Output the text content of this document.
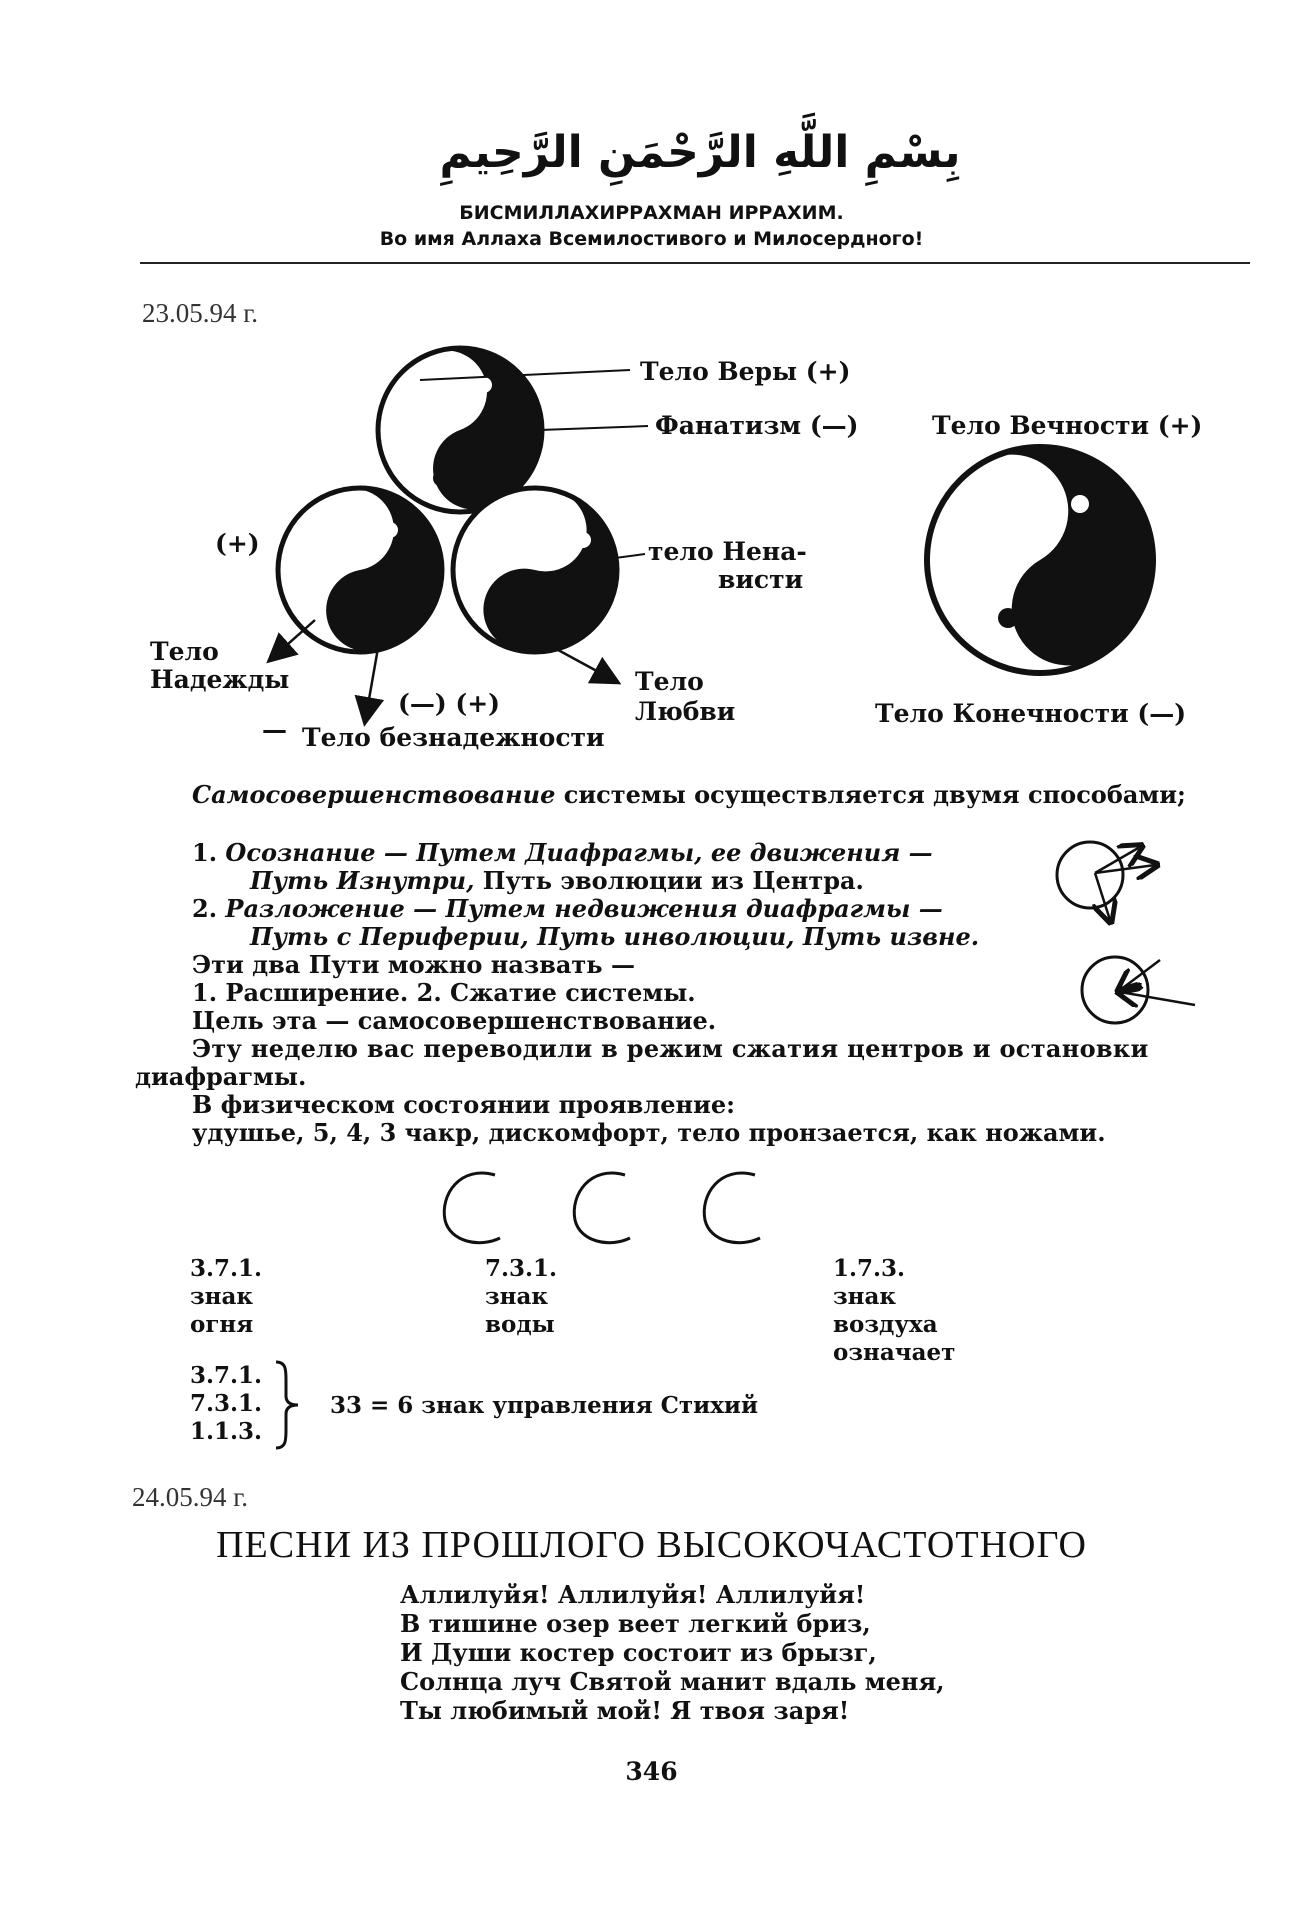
بِسْمِ اللَّهِ الرَّحْمَنِ الرَّحِيمِ
БИСМИЛЛАХИРРАХМАН ИРРАХИМ.
Во имя Аллаха Всемилостивого и Милосердного!
23.05.94 г.
Тело Веры (+)
Фанатизм (—)
тело Нена-
висти
Тело
Любви
Тело
Надежды
(+)
(—) (+)
— Тело безнадежности
Тело Вечности (+)
Тело Конечности (—)
Самосовершенствование системы осуществляется двумя способами;
1. Осознание — Путем Диафрагмы, ее движения —
Путь Изнутри, Путь эволюции из Центра.
2. Разложение — Путем недвижения диафрагмы —
Путь с Периферии, Путь инволюции, Путь извне.
Эти два Пути можно назвать —
1. Расширение. 2. Сжатие системы.
Цель эта — самосовершенствование.
Эту неделю вас переводили в режим сжатия центров и остановки
диафрагмы.
В физическом состоянии проявление:
удушье, 5, 4, 3 чакр, дискомфорт, тело пронзается, как ножами.
3.7.1.
знак
огня
7.3.1.
знак
воды
1.7.3.
знак
воздуха
означает
3.7.1.
7.3.1.
1.1.3.
33 = 6 знак управления Стихий
24.05.94 г.
ПЕСНИ ИЗ ПРОШЛОГО ВЫСОКОЧАСТОТНОГО
Аллилуйя! Аллилуйя! Аллилуйя!
В тишине озер веет легкий бриз,
И Души костер состоит из брызг,
Солнца луч Святой манит вдаль меня,
Ты любимый мой! Я твоя заря!
346
